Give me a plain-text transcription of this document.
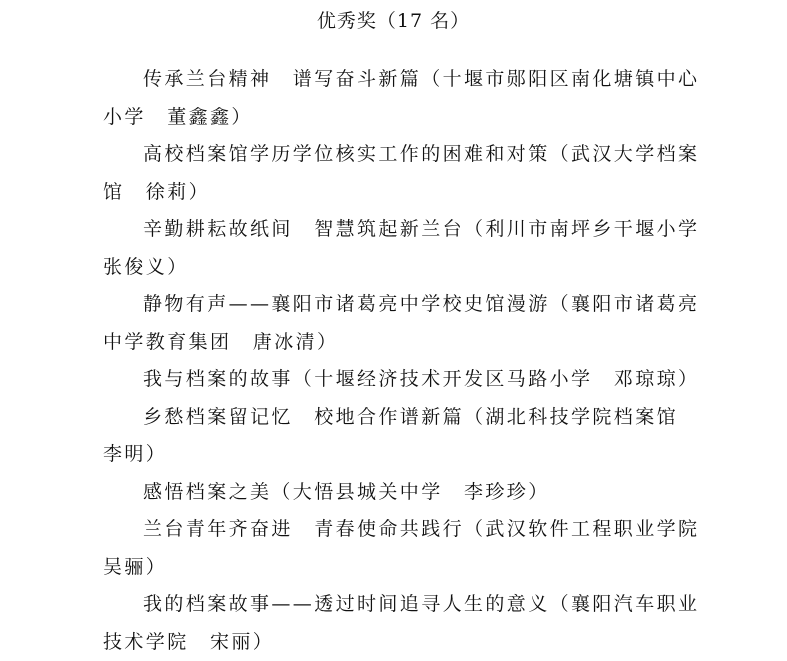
优秀奖（17 名）
传承兰台精神　谱写奋斗新篇（十堰市郧阳区南化塘镇中心
小学　董鑫鑫）
高校档案馆学历学位核实工作的困难和对策（武汉大学档案
馆　徐莉）
辛勤耕耘故纸间　智慧筑起新兰台（利川市南坪乡干堰小学
张俊义）
静物有声——襄阳市诸葛亮中学校史馆漫游（襄阳市诸葛亮
中学教育集团　唐冰清）
我与档案的故事（十堰经济技术开发区马路小学　邓琼琼）
乡愁档案留记忆　校地合作谱新篇（湖北科技学院档案馆
李明）
感悟档案之美（大悟县城关中学　李珍珍）
兰台青年齐奋进　青春使命共践行（武汉软件工程职业学院
吴骊）
我的档案故事——透过时间追寻人生的意义（襄阳汽车职业
技术学院　宋丽）
